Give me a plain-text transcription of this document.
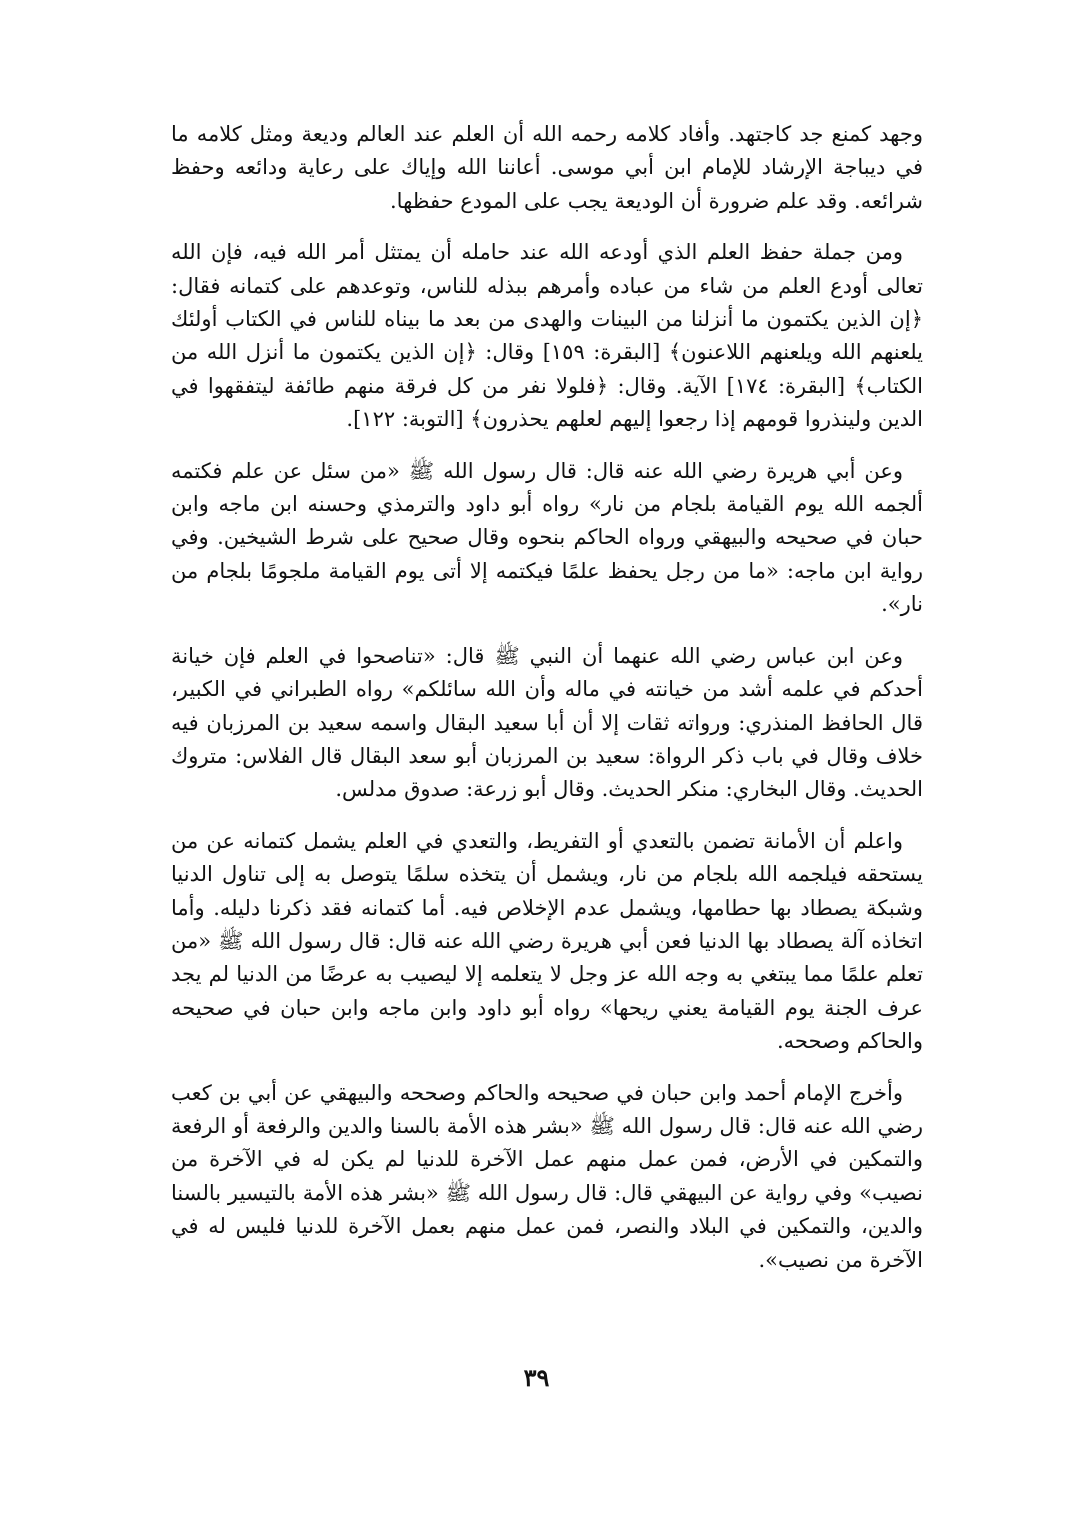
وجهد كمنع جد كاجتهد. وأفاد كلامه رحمه الله أن العلم عند العالم وديعة ومثل كلامه ما في ديباجة الإرشاد للإمام ابن أبي موسى. أعاننا الله وإياك على رعاية ودائعه وحفظ شرائعه. وقد علم ضرورة أن الوديعة يجب على المودع حفظها.

ومن جملة حفظ العلم الذي أودعه الله عند حامله أن يمتثل أمر الله فيه، فإن الله تعالى أودع العلم من شاء من عباده وأمرهم ببذله للناس، وتوعدهم على كتمانه فقال: ﴿إن الذين يكتمون ما أنزلنا من البينات والهدى من بعد ما بيناه للناس في الكتاب أولئك يلعنهم الله ويلعنهم اللاعنون﴾ [البقرة: ١٥٩] وقال: ﴿إن الذين يكتمون ما أنزل الله من الكتاب﴾ [البقرة: ١٧٤] الآية. وقال: ﴿فلولا نفر من كل فرقة منهم طائفة ليتفقهوا في الدين ولينذروا قومهم إذا رجعوا إليهم لعلهم يحذرون﴾ [التوبة: ١٢٢].

وعن أبي هريرة رضي الله عنه قال: قال رسول الله ﷺ «من سئل عن علم فكتمه ألجمه الله يوم القيامة بلجام من نار» رواه أبو داود والترمذي وحسنه ابن ماجه وابن حبان في صحيحه والبيهقي ورواه الحاكم بنحوه وقال صحيح على شرط الشيخين. وفي رواية ابن ماجه: «ما من رجل يحفظ علمًا فيكتمه إلا أتى يوم القيامة ملجومًا بلجام من نار».

وعن ابن عباس رضي الله عنهما أن النبي ﷺ قال: «تناصحوا في العلم فإن خيانة أحدكم في علمه أشد من خيانته في ماله وأن الله سائلكم» رواه الطبراني في الكبير، قال الحافظ المنذري: ورواته ثقات إلا أن أبا سعيد البقال واسمه سعيد بن المرزبان فيه خلاف وقال في باب ذكر الرواة: سعيد بن المرزبان أبو سعد البقال قال الفلاس: متروك الحديث. وقال البخاري: منكر الحديث. وقال أبو زرعة: صدوق مدلس.

واعلم أن الأمانة تضمن بالتعدي أو التفريط، والتعدي في العلم يشمل كتمانه عن من يستحقه فيلجمه الله بلجام من نار، ويشمل أن يتخذه سلمًا يتوصل به إلى تناول الدنيا وشبكة يصطاد بها حطامها، ويشمل عدم الإخلاص فيه. أما كتمانه فقد ذكرنا دليله. وأما اتخاذه آلة يصطاد بها الدنيا فعن أبي هريرة رضي الله عنه قال: قال رسول الله ﷺ «من تعلم علمًا مما يبتغي به وجه الله عز وجل لا يتعلمه إلا ليصيب به عرضًا من الدنيا لم يجد عرف الجنة يوم القيامة يعني ريحها» رواه أبو داود وابن ماجه وابن حبان في صحيحه والحاكم وصححه.

وأخرج الإمام أحمد وابن حبان في صحيحه والحاكم وصححه والبيهقي عن أبي بن كعب رضي الله عنه قال: قال رسول الله ﷺ «بشر هذه الأمة بالسنا والدين والرفعة أو الرفعة والتمكين في الأرض، فمن عمل منهم عمل الآخرة للدنيا لم يكن له في الآخرة من نصيب» وفي رواية عن البيهقي قال: قال رسول الله ﷺ «بشر هذه الأمة بالتيسير بالسنا والدين، والتمكين في البلاد والنصر، فمن عمل منهم بعمل الآخرة للدنيا فليس له في الآخرة من نصيب».

٣٩
